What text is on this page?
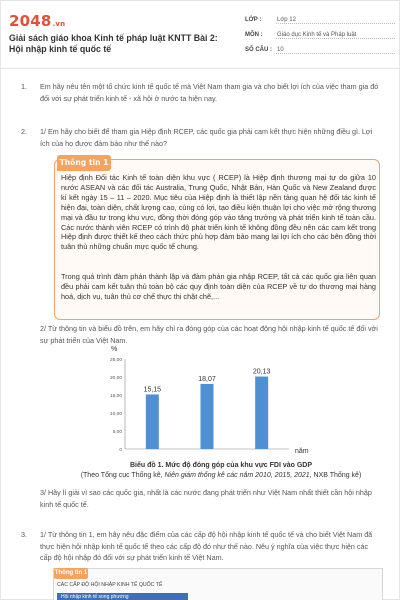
2048.vn
Giải sách giáo khoa Kinh tế pháp luật KNTT Bài 2: Hội nhập kinh tế quốc tế
LỚP :	Lớp 12
MÔN :	Giáo dục Kinh tế và Pháp luật
SỐ CÂU : 10
1.	Em hãy nêu tên một tổ chức kinh tế quốc tế mà Việt Nam tham gia và cho biết lợi ích của việc tham gia đó đối với sự phát triển kinh tế - xã hội ở nước ta hiện nay.
2.	1/ Em hãy cho biết để tham gia Hiệp định RCEP, các quốc gia phải cam kết thực hiện những điều gì. Lợi ích của họ được đảm bảo như thế nào?
Thông tin 1
Hiệp định Đối tác Kinh tế toàn diện khu vực ( RCEP) là Hiệp định thương mại tự do giữa 10 nước ASEAN và các đối tác Australia, Trung Quốc, Nhật Bản, Hàn Quốc và New Zealand được kí kết ngày 15 – 11 – 2020. Mục tiêu của Hiệp định là thiết lập nền tảng quan hệ đối tác kinh tế hiện đại, toàn diện, chất lượng cao, cùng có lợi, tạo điều kiện thuận lợi cho việc mở rộng thương mại và đầu tư trong khu vực, đồng thời đóng góp vào tăng trưởng và phát triển kinh tế toàn cầu. Các nước thành viên RCEP có trình độ phát triển kinh tế không đồng đều nên các cam kết trong Hiệp định được thiết kế theo cách thức phù hợp đảm bảo mang lại lợi ích cho các bên đồng thời tuân thủ những chuẩn mực quốc tế chung.
Trong quá trình đàm phán thành lập và đàm phán gia nhập RCEP, tất cả các quốc gia liên quan đều phải cam kết tuân thủ toàn bộ các quy định toàn diện của RCEP về tự do thương mại hàng hoá, dịch vụ, tuân thủ cơ chế thực thi chặt chẽ,...
2/ Từ thông tin và biểu đồ trên, em hãy chỉ ra đóng góp của các hoạt động hội nhập kinh tế quốc tế đối với sự phát triển của Việt Nam.
%
25,00
20,00
15,00
10,00
5,00
0
15,15
18,07
20,13
năm
Biểu đồ 1. Mức độ đóng góp của khu vực FDI vào GDP
(Theo Tổng cục Thống kê, Niên giám thống kê các năm 2010, 2015, 2021, NXB Thống kê)
3/ Hãy lí giải vì sao các quốc gia, nhất là các nước đang phát triển như Việt Nam nhất thiết cần hội nhập kinh tế quốc tế.
3.	1/ Từ thông tin 1, em hãy nêu đặc điểm của các cấp độ hội nhập kinh tế quốc tế và cho biết Việt Nam đã thực hiện hội nhập kinh tế quốc tế theo các cấp độ đó như thế nào. Nêu ý nghĩa của việc thực hiện các cấp độ hội nhập đó đối với sự phát triển kinh tế Việt Nam.
Thông tin 1
CÁC CẤP ĐỘ HỘI NHẬP KINH TẾ QUỐC TẾ
Hội nhập kinh tế song phương
